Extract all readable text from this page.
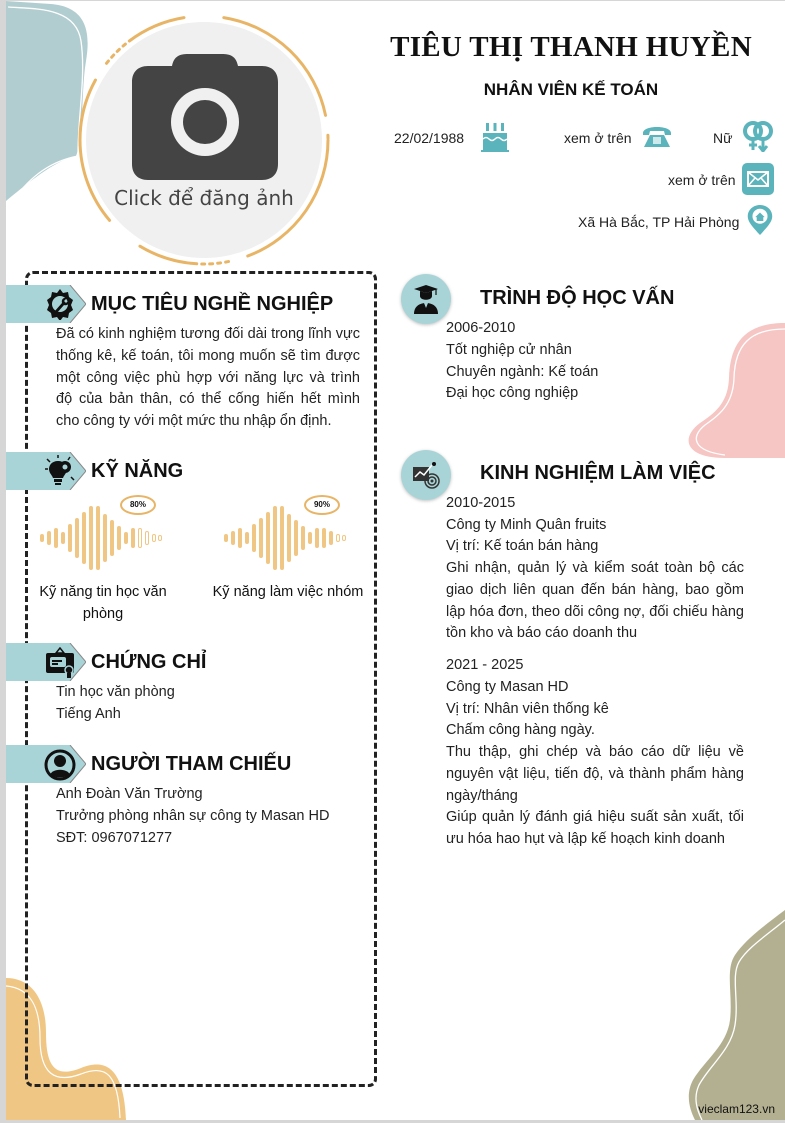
Click để đăng ảnh
TIÊU THỊ THANH HUYỀN
NHÂN VIÊN KẾ TOÁN
22/02/1988	xem ở trên	Nữ
xem ở trên
Xã Hà Bắc, TP Hải Phòng
MỤC TIÊU NGHỀ NGHIỆP
Đã có kinh nghiệm tương đối dài trong lĩnh vực thống kê, kế toán, tôi mong muốn sẽ tìm được một công việc phù hợp với năng lực và trình độ của bản thân, có thể cống hiến hết mình cho công ty với một mức thu nhập ổn định.
KỸ NĂNG
80%
Kỹ năng tin học văn phòng
90%
Kỹ năng làm việc nhóm
CHỨNG CHỈ
Tin học văn phòng
Tiếng Anh
NGƯỜI THAM CHIẾU
Anh Đoàn Văn Trường
Trưởng phòng nhân sự công ty Masan HD
SĐT: 0967071277
TRÌNH ĐỘ HỌC VẤN
2006-2010
Tốt nghiệp cử nhân
Chuyên ngành: Kế toán
Đại học công nghiệp
KINH NGHIỆM LÀM VIỆC
2010-2015
Công ty Minh Quân fruits
Vị trí: Kế toán bán hàng
Ghi nhận, quản lý và kiểm soát toàn bộ các giao dịch liên quan đến bán hàng, bao gồm lập hóa đơn, theo dõi công nợ, đối chiếu hàng tồn kho và báo cáo doanh thu
2021 - 2025
Công ty Masan HD
Vị trí: Nhân viên thống kê
Chấm công hàng ngày.
Thu thập, ghi chép và báo cáo dữ liệu về nguyên vật liệu, tiến độ, và thành phẩm hàng ngày/tháng
Giúp quản lý đánh giá hiệu suất sản xuất, tối ưu hóa hao hụt và lập kế hoạch kinh doanh
vieclam123.vn
